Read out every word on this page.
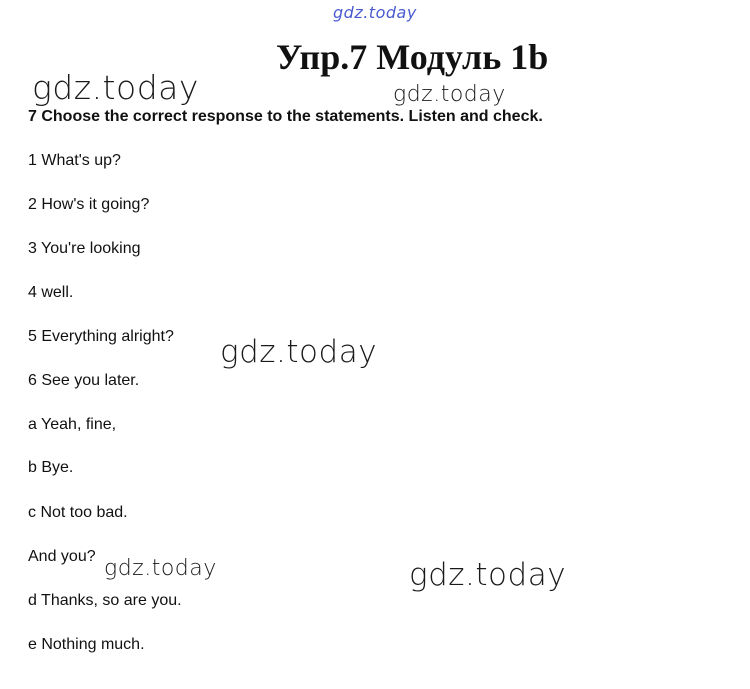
gdz.today
gdz.today	gdz.today
gdz.today
gdz.today	gdz.today
Упр.7 Модуль 1b
7 Choose the correct response to the statements. Listen and check.
1 What's up?
2 How's it going?
3 You're looking
4 well.
5 Everything alright?
6 See you later.
a Yeah, fine,
b Bye.
c Not too bad.
And you?
d Thanks, so are you.
e Nothing much.
